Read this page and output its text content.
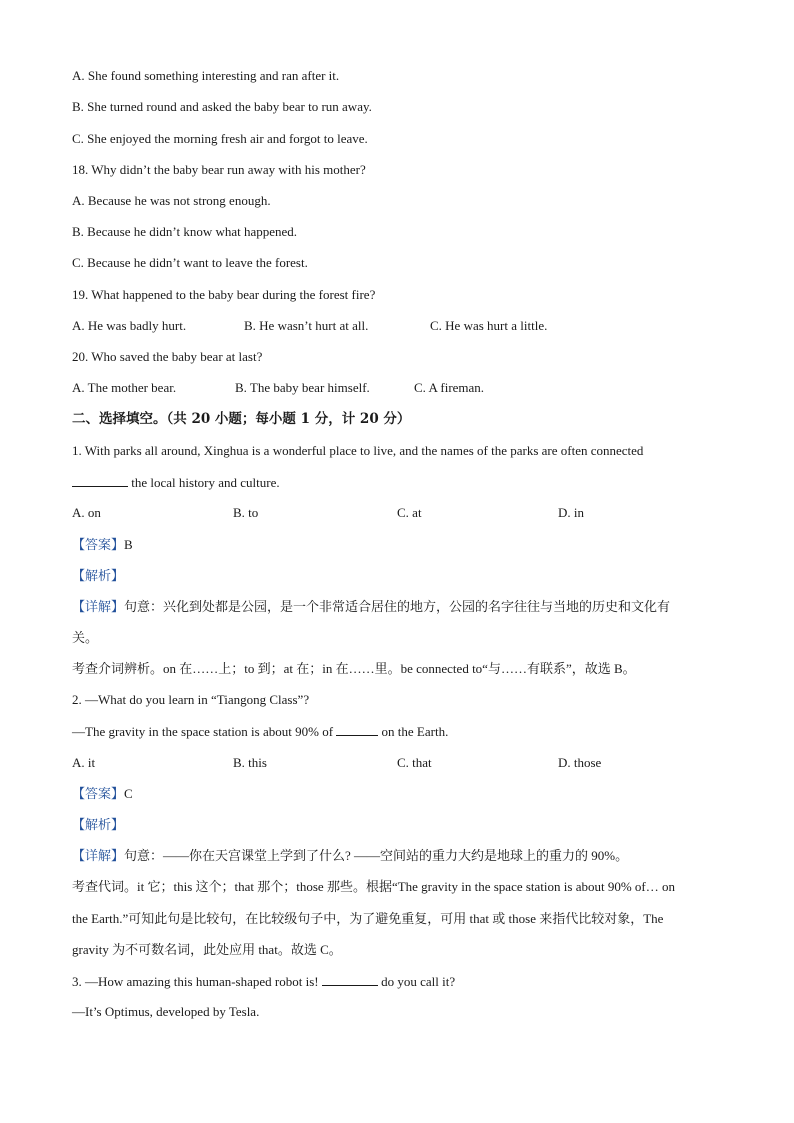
A. She found something interesting and ran after it.
B. She turned round and asked the baby bear to run away.
C. She enjoyed the morning fresh air and forgot to leave.
18. Why didn’t the baby bear run away with his mother?
A. Because he was not strong enough.
B. Because he didn’t know what happened.
C. Because he didn’t want to leave the forest.
19. What happened to the baby bear during the forest fire?
A. He was badly hurt.	B. He wasn’t hurt at all.	C. He was hurt a little.
20. Who saved the baby bear at last?
A. The mother bear.	B. The baby bear himself.	C. A fireman.
二、选择填空。（共 20 小题；每小题 1 分，计 20 分）
1. With parks all around, Xinghua is a wonderful place to live, and the names of the parks are often connected
the local history and culture.
A. on	B. to	C. at	D. in
【答案】B
【解析】
【详解】句意：兴化到处都是公园，是一个非常适合居住的地方，公园的名字往往与当地的历史和文化有
关。
考查介词辨析。on 在……上；to 到；at 在；in 在……里。be connected to“与……有联系”，故选 B。
2. —What do you learn in “Tiangong Class”?
—The gravity in the space station is about 90% of	on the Earth.
A. it	B. this	C. that	D. those
【答案】C
【解析】
【详解】句意：——你在天宫课堂上学到了什么? ——空间站的重力大约是地球上的重力的 90%。
考查代词。it 它；this 这个；that 那个；those 那些。根据“The gravity in the space station is about 90% of… on
the Earth.”可知此句是比较句，在比较级句子中，为了避免重复，可用 that 或 those 来指代比较对象，The
gravity 为不可数名词，此处应用 that。故选 C。
3. —How amazing this human-shaped robot is!	do you call it?
—It’s Optimus, developed by Tesla.
